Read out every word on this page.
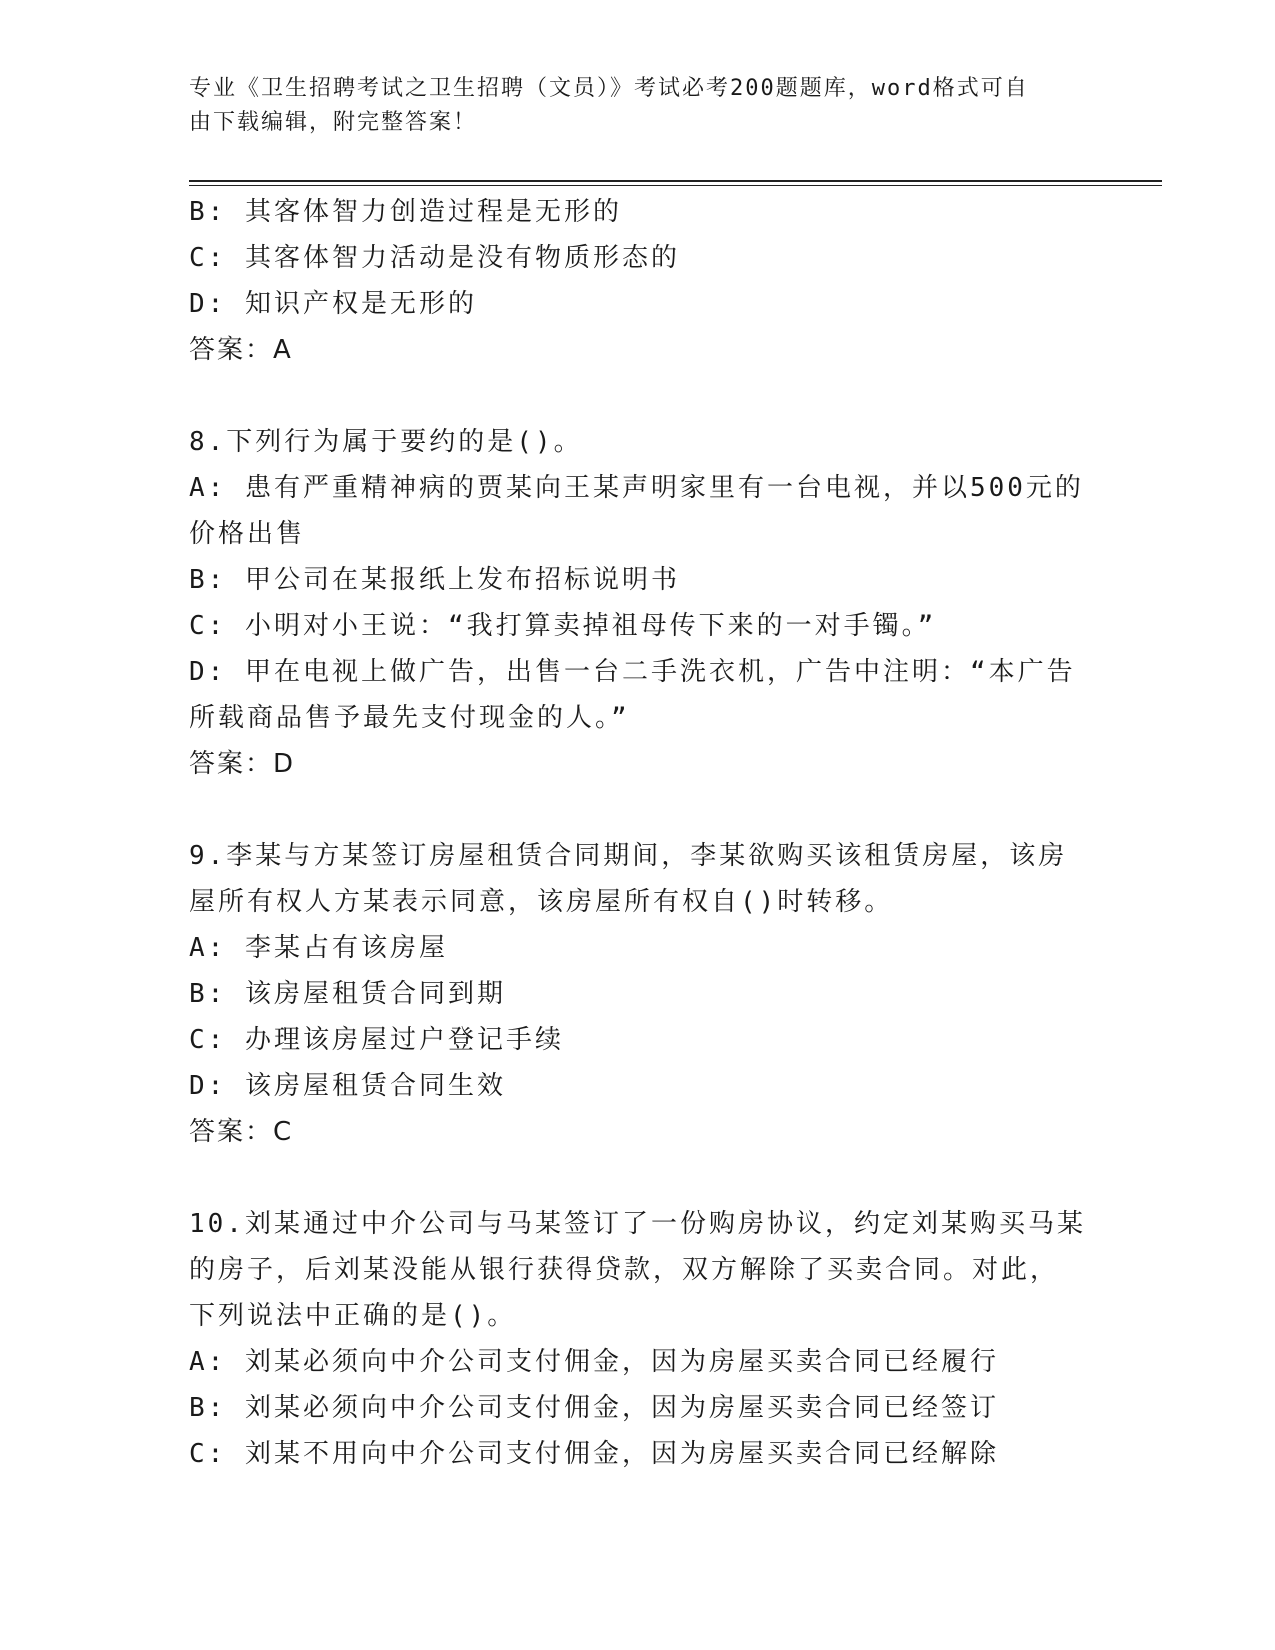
专业《卫生招聘考试之卫生招聘（文员）》考试必考200题题库，word格式可自
由下载编辑，附完整答案！
B: 其客体智力创造过程是无形的
C: 其客体智力活动是没有物质形态的
D: 知识产权是无形的
答案：A
8.下列行为属于要约的是()。
A: 患有严重精神病的贾某向王某声明家里有一台电视，并以500元的
价格出售
B: 甲公司在某报纸上发布招标说明书
C: 小明对小王说：“我打算卖掉祖母传下来的一对手镯。”
D: 甲在电视上做广告，出售一台二手洗衣机，广告中注明：“本广告
所载商品售予最先支付现金的人。”
答案：D
9.李某与方某签订房屋租赁合同期间，李某欲购买该租赁房屋，该房
屋所有权人方某表示同意，该房屋所有权自()时转移。
A: 李某占有该房屋
B: 该房屋租赁合同到期
C: 办理该房屋过户登记手续
D: 该房屋租赁合同生效
答案：C
10.刘某通过中介公司与马某签订了一份购房协议，约定刘某购买马某
的房子，后刘某没能从银行获得贷款，双方解除了买卖合同。对此，
下列说法中正确的是()。
A: 刘某必须向中介公司支付佣金，因为房屋买卖合同已经履行
B: 刘某必须向中介公司支付佣金，因为房屋买卖合同已经签订
C: 刘某不用向中介公司支付佣金，因为房屋买卖合同已经解除
